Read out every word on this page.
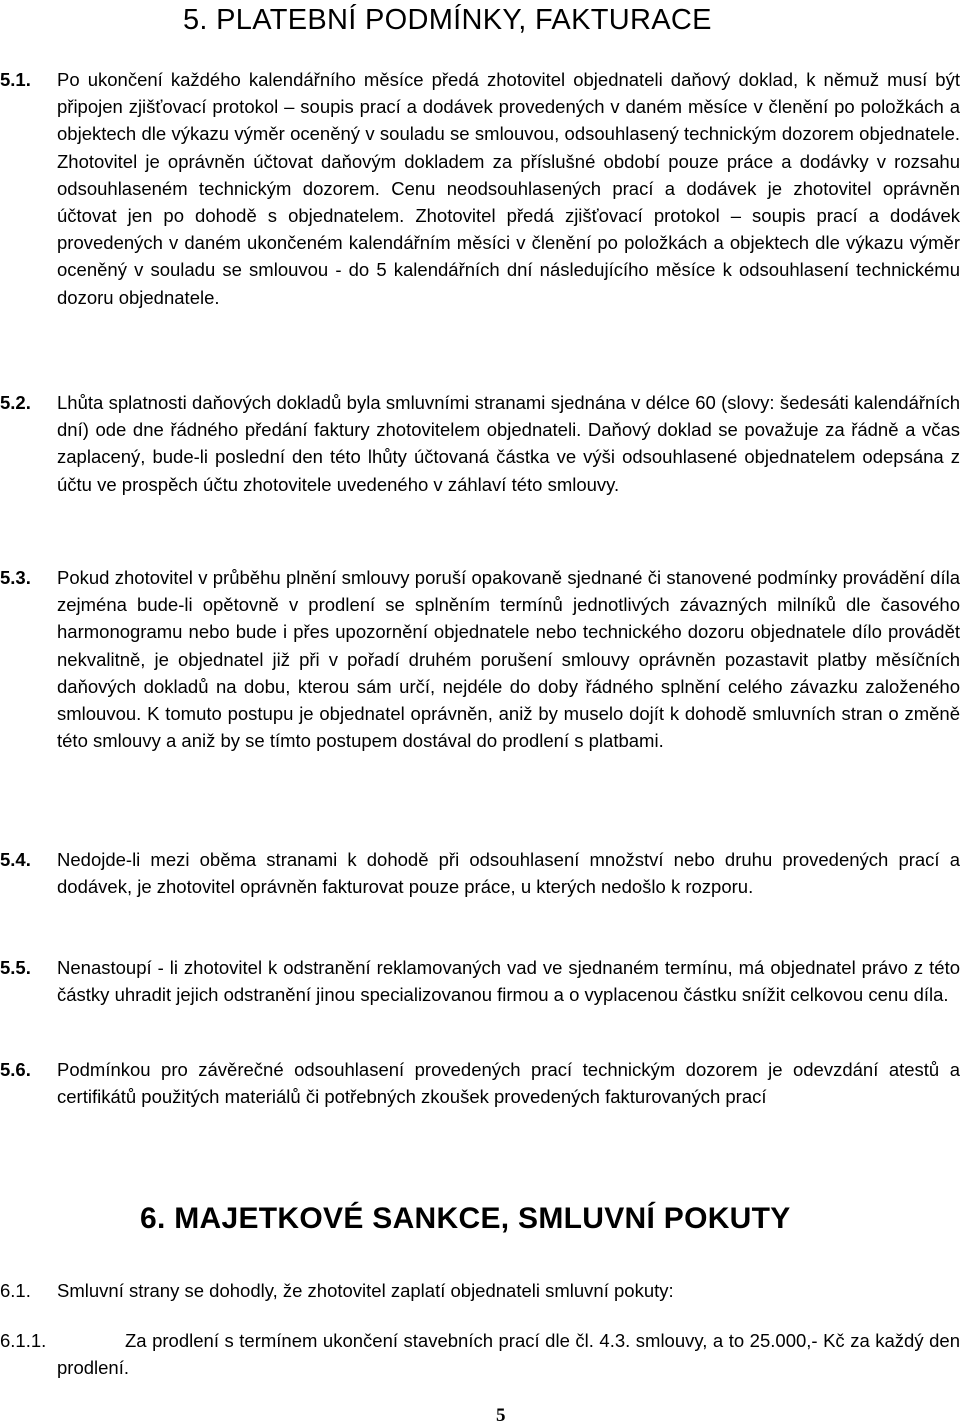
5. PLATEBNÍ PODMÍNKY, FAKTURACE
5.1. Po ukončení každého kalendářního měsíce předá zhotovitel objednateli daňový doklad, k němuž musí být připojen zjišťovací protokol – soupis prací a dodávek provedených v daném měsíce v členění po položkách a objektech dle výkazu výměr oceněný v souladu se smlouvou, odsouhlasený technickým dozorem objednatele. Zhotovitel je oprávněn účtovat daňovým dokladem za příslušné období pouze práce a dodávky v rozsahu odsouhlaseném technickým dozorem. Cenu neodsouhlasených prací a dodávek je zhotovitel oprávněn účtovat jen po dohodě s objednatelem. Zhotovitel předá zjišťovací protokol – soupis prací a dodávek provedených v daném ukončeném kalendářním měsíci v členění po položkách a objektech dle výkazu výměr oceněný v souladu se smlouvou - do 5 kalendářních dní následujícího měsíce k odsouhlasení technickému dozoru objednatele.
5.2. Lhůta splatnosti daňových dokladů byla smluvními stranami sjednána v délce 60 (slovy: šedesáti kalendářních dní) ode dne řádného předání faktury zhotovitelem objednateli. Daňový doklad se považuje za řádně a včas zaplacený, bude-li poslední den této lhůty účtovaná částka ve výši odsouhlasené objednatelem odepsána z účtu ve prospěch účtu zhotovitele uvedeného v záhlaví této smlouvy.
5.3. Pokud zhotovitel v průběhu plnění smlouvy poruší opakovaně sjednané či stanovené podmínky provádění díla zejména bude-li opětovně v prodlení se splněním termínů jednotlivých závazných milníků dle časového harmonogramu nebo bude i přes upozornění objednatele nebo technického dozoru objednatele dílo provádět nekvalitně, je objednatel již při v pořadí druhém porušení smlouvy oprávněn pozastavit platby měsíčních daňových dokladů na dobu, kterou sám určí, nejdéle do doby řádného splnění celého závazku založeného smlouvou. K tomuto postupu je objednatel oprávněn, aniž by muselo dojít k dohodě smluvních stran o změně této smlouvy a aniž by se tímto postupem dostával do prodlení s platbami.
5.4. Nedojde-li mezi oběma stranami k dohodě při odsouhlasení množství nebo druhu provedených prací a dodávek, je zhotovitel oprávněn fakturovat pouze práce, u kterých nedošlo k rozporu.
5.5. Nenastoupí - li zhotovitel k odstranění reklamovaných vad ve sjednaném termínu, má objednatel právo z této částky uhradit jejich odstranění jinou specializovanou firmou a o vyplacenou částku snížit celkovou cenu díla.
5.6. Podmínkou pro závěrečné odsouhlasení provedených prací technickým dozorem je odevzdání atestů a certifikátů použitých materiálů či potřebných zkoušek provedených fakturovaných prací
6. MAJETKOVÉ SANKCE, SMLUVNÍ POKUTY
6.1. Smluvní strany se dohodly, že zhotovitel zaplatí objednateli smluvní pokuty:
6.1.1.	Za prodlení s termínem ukončení stavebních prací dle čl. 4.3. smlouvy, a to 25.000,- Kč za každý den prodlení.
5
